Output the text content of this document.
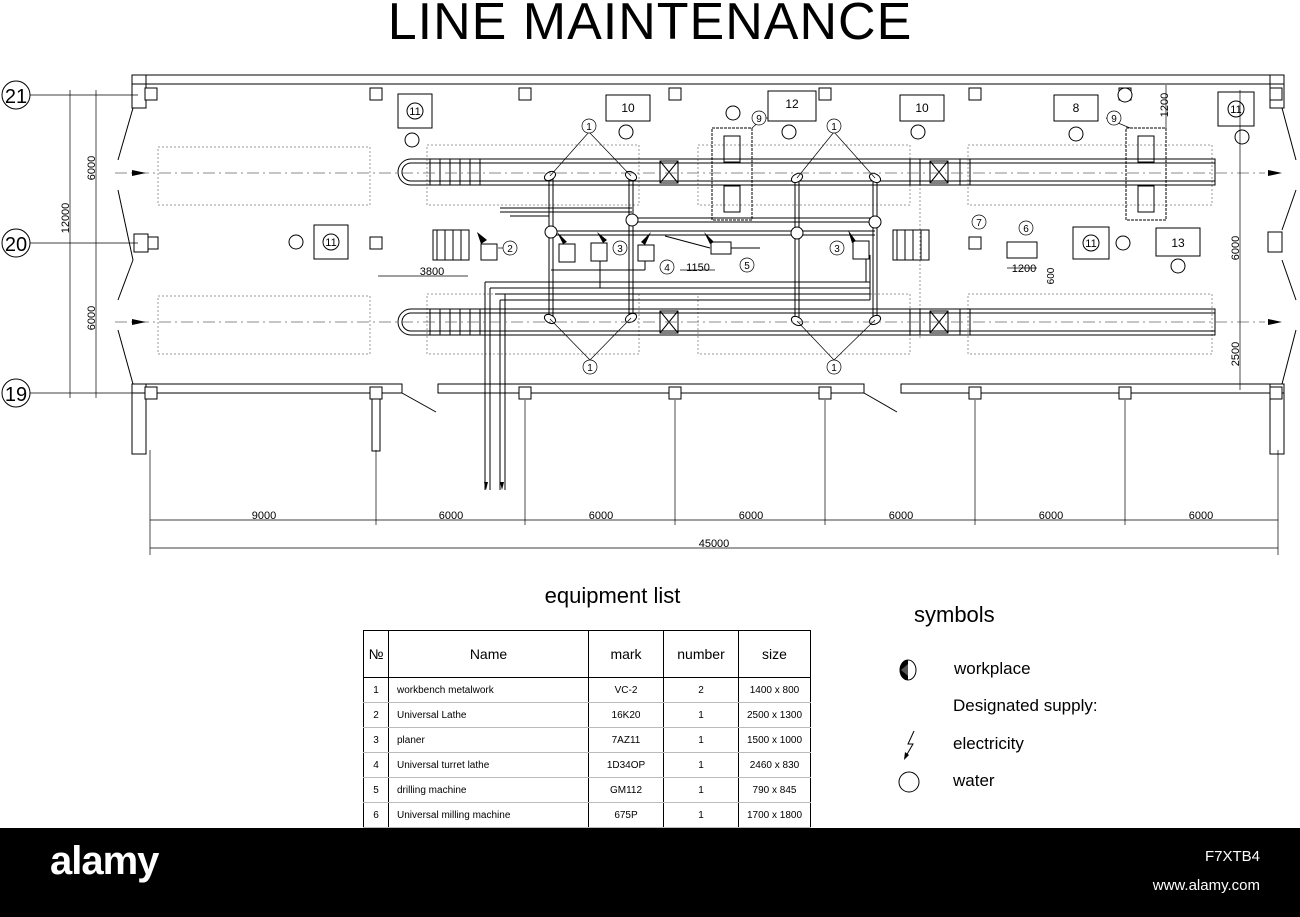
LINE MAINTENANCE
21
20
19
9000	6000	6000	6000	6000	6000	6000
45000
3800	1150	1200
6000
6000
12000
1200
6000
2500
600
1	1
1	1
2	3	3
4	5
6
7
9	9
11	10	12	10	8	11
11	11	13
equipment list
№	Name	mark	number	size
1	workbench metalwork	VC-2	2	1400 x 800
2	Universal Lathe	16K20	1	2500 x 1300
3	planer	7AZ11	1	1500 x 1000
4	Universal turret lathe	1D34OP	1	2460 x 830
5	drilling machine	GM112	1	790 x 845
6	Universal milling machine	675P	1	1700 x 1800
symbols
workplace
Designated supply:
electricity
water
alamy	F7XTB4
www.alamy.com
